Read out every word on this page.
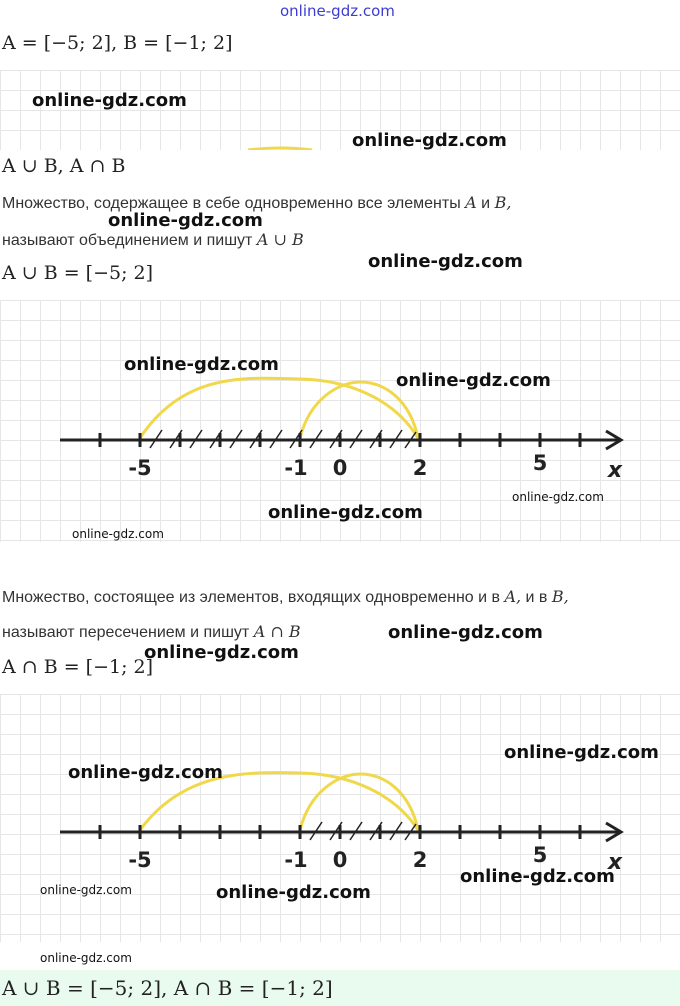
online-gdz.com
A = [−5; 2], B = [−1; 2]
A ∪ B, A ∩ B
Множество, содержащее в себе одновременно все элементы A и B,
называют объединением и пишут A ∪ B
A ∪ B = [−5; 2]
-5	-1 0	2	5	x
Множество, состоящее из элементов, входящих одновременно и в A, и в B,
называют пересечением и пишут A ∩ B
A ∩ B = [−1; 2]
-5	-1 0	2	5	x
A ∪ B = [−5; 2], A ∩ B = [−1; 2]
online-gdz.com
online-gdz.com
online-gdz.com
online-gdz.com
online-gdz.com
online-gdz.com
online-gdz.com
online-gdz.com
online-gdz.com
online-gdz.com
online-gdz.com
online-gdz.com
online-gdz.com
online-gdz.com
online-gdz.com	online-gdz.com
online-gdz.com
